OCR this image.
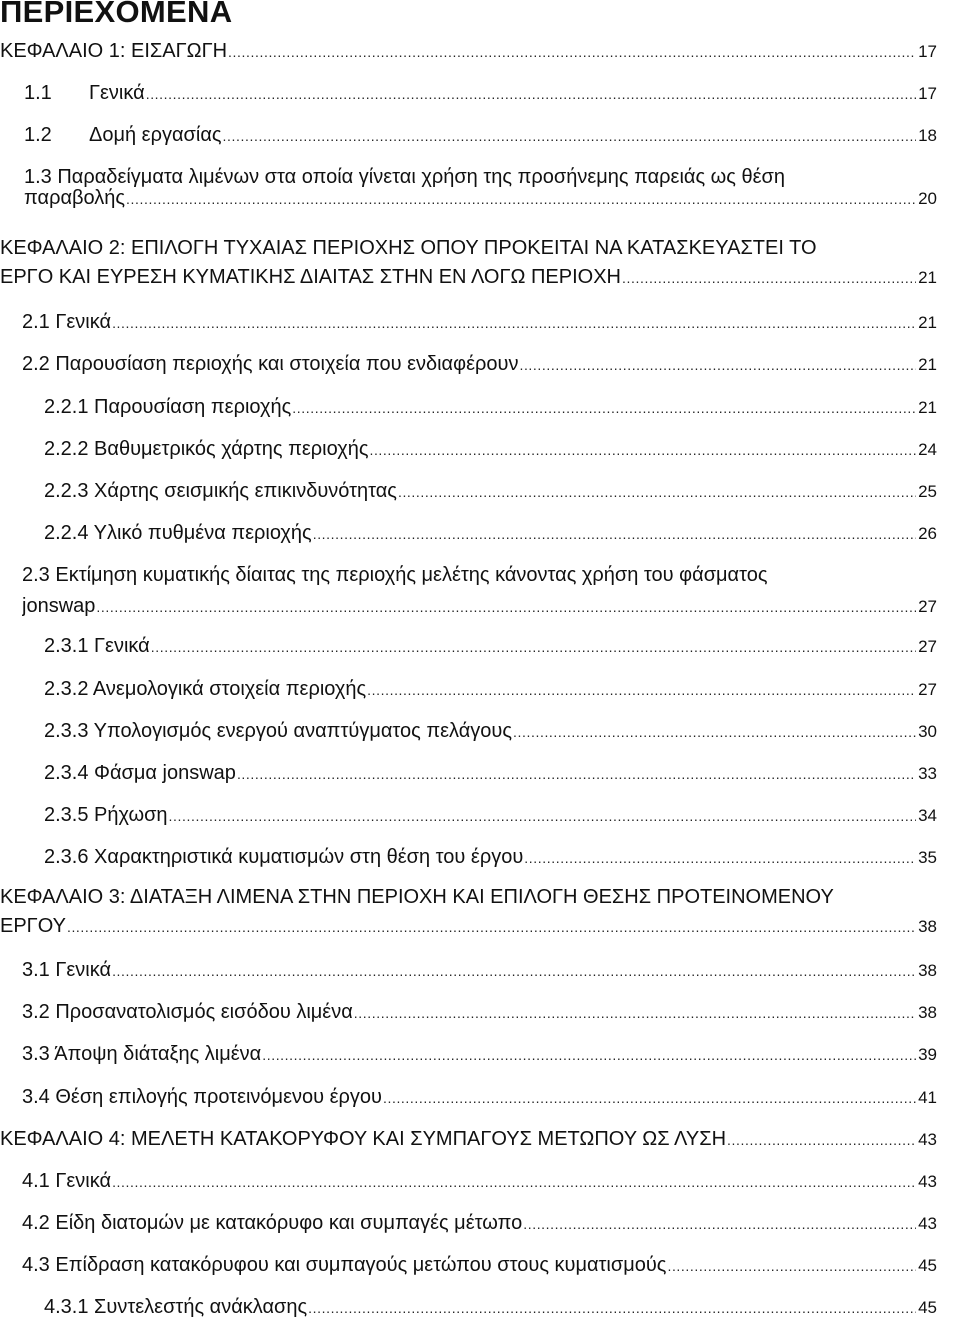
ΠΕΡΙΕΧΟΜΕΝΑ
ΚΕΦΑΛΑΙΟ 1: ΕΙΣΑΓΩΓΗ .....	17
1.1	Γενικά .....	17
1.2	Δομή εργασίας .....	18
1.3 Παραδείγματα λιμένων στα οποία γίνεται χρήση της προσήνεμης παρειάς ως θέση
παραβολής .....	20
ΚΕΦΑΛΑΙΟ 2: ΕΠΙΛΟΓΗ ΤΥΧΑΙΑΣ ΠΕΡΙΟΧΗΣ ΟΠΟΥ ΠΡΟΚΕΙΤΑΙ ΝΑ ΚΑΤΑΣΚΕΥΑΣΤΕΙ ΤΟ
ΕΡΓΟ ΚΑΙ ΕΥΡΕΣΗ ΚΥΜΑΤΙΚΗΣ ΔΙΑΙΤΑΣ ΣΤΗΝ ΕΝ ΛΟΓΩ ΠΕΡΙΟΧΗ .....	21
2.1 Γενικά .....	21
2.2 Παρουσίαση περιοχής και στοιχεία που ενδιαφέρουν .....	21
2.2.1 Παρουσίαση περιοχής .....	21
2.2.2 Βαθυμετρικός χάρτης περιοχής .....	24
2.2.3 Χάρτης σεισμικής επικινδυνότητας .....	25
2.2.4 Υλικό πυθμένα περιοχής .....	26
2.3 Εκτίμηση κυματικής δίαιτας της περιοχής μελέτης κάνοντας χρήση του φάσματος
jonswap .....	27
2.3.1 Γενικά .....	27
2.3.2 Ανεμολογικά στοιχεία περιοχής .....	27
2.3.3 Υπολογισμός ενεργού αναπτύγματος πελάγους .....	30
2.3.4 Φάσμα jonswap .....	33
2.3.5 Ρήχωση .....	34
2.3.6 Χαρακτηριστικά κυματισμών στη θέση του έργου .....	35
ΚΕΦΑΛΑΙΟ 3: ΔΙΑΤΑΞΗ ΛΙΜΕΝΑ ΣΤΗΝ ΠΕΡΙΟΧΗ ΚΑΙ ΕΠΙΛΟΓΗ ΘΕΣΗΣ ΠΡΟΤΕΙΝΟΜΕΝΟΥ
ΕΡΓΟΥ .....	38
3.1 Γενικά .....	38
3.2 Προσανατολισμός εισόδου λιμένα .....	38
3.3 Άποψη διάταξης λιμένα .....	39
3.4 Θέση επιλογής προτεινόμενου έργου .....	41
ΚΕΦΑΛΑΙΟ 4: ΜΕΛΕΤΗ ΚΑΤΑΚΟΡΥΦΟΥ ΚΑΙ ΣΥΜΠΑΓΟΥΣ ΜΕΤΩΠΟΥ ΩΣ ΛΥΣΗ .....	43
4.1 Γενικά .....	43
4.2 Είδη διατομών με κατακόρυφο και συμπαγές μέτωπο .....	43
4.3 Επίδραση κατακόρυφου και συμπαγούς μετώπου στους κυματισμούς .....	45
4.3.1 Συντελεστής ανάκλασης .....	45
